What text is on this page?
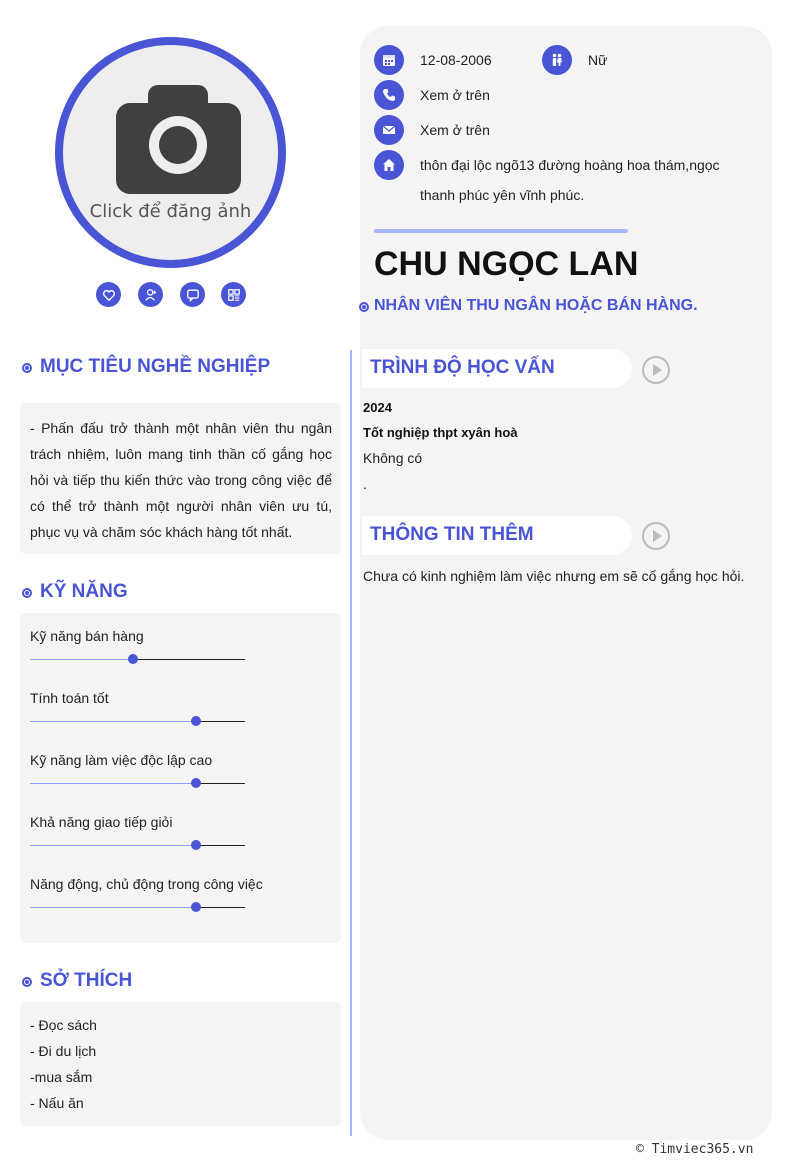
Click để đăng ảnh
12-08-2006	Nữ
Xem ở trên
Xem ở trên
thôn đại lộc ngõ13 đường hoàng hoa thám,ngọc
thanh phúc yên vĩnh phúc.
CHU NGỌC LAN
NHÂN VIÊN THU NGÂN HOẶC BÁN HÀNG.
MỤC TIÊU NGHỀ NGHIỆP
- Phấn đấu trở thành một nhân viên thu ngân trách nhiệm, luôn mang tinh thần cố gắng học hỏi và tiếp thu kiến thức vào trong công việc để có thể trở thành một người nhân viên ưu tú, phục vụ và chăm sóc khách hàng tốt nhất.
KỸ NĂNG
Kỹ năng bán hàng
Tính toán tốt
Kỹ năng làm việc độc lập cao
Khả năng giao tiếp giỏi
Năng động, chủ động trong công việc
SỞ THÍCH
- Đọc sách
- Đi du lịch
-mua sắm
- Nấu ăn
TRÌNH ĐỘ HỌC VẤN
2024
Tốt nghiệp thpt xyân hoà
Không có
.
THÔNG TIN THÊM
Chưa có kinh nghiệm làm việc nhưng em sẽ cố gắng học hỏi.
© Timviec365.vn
